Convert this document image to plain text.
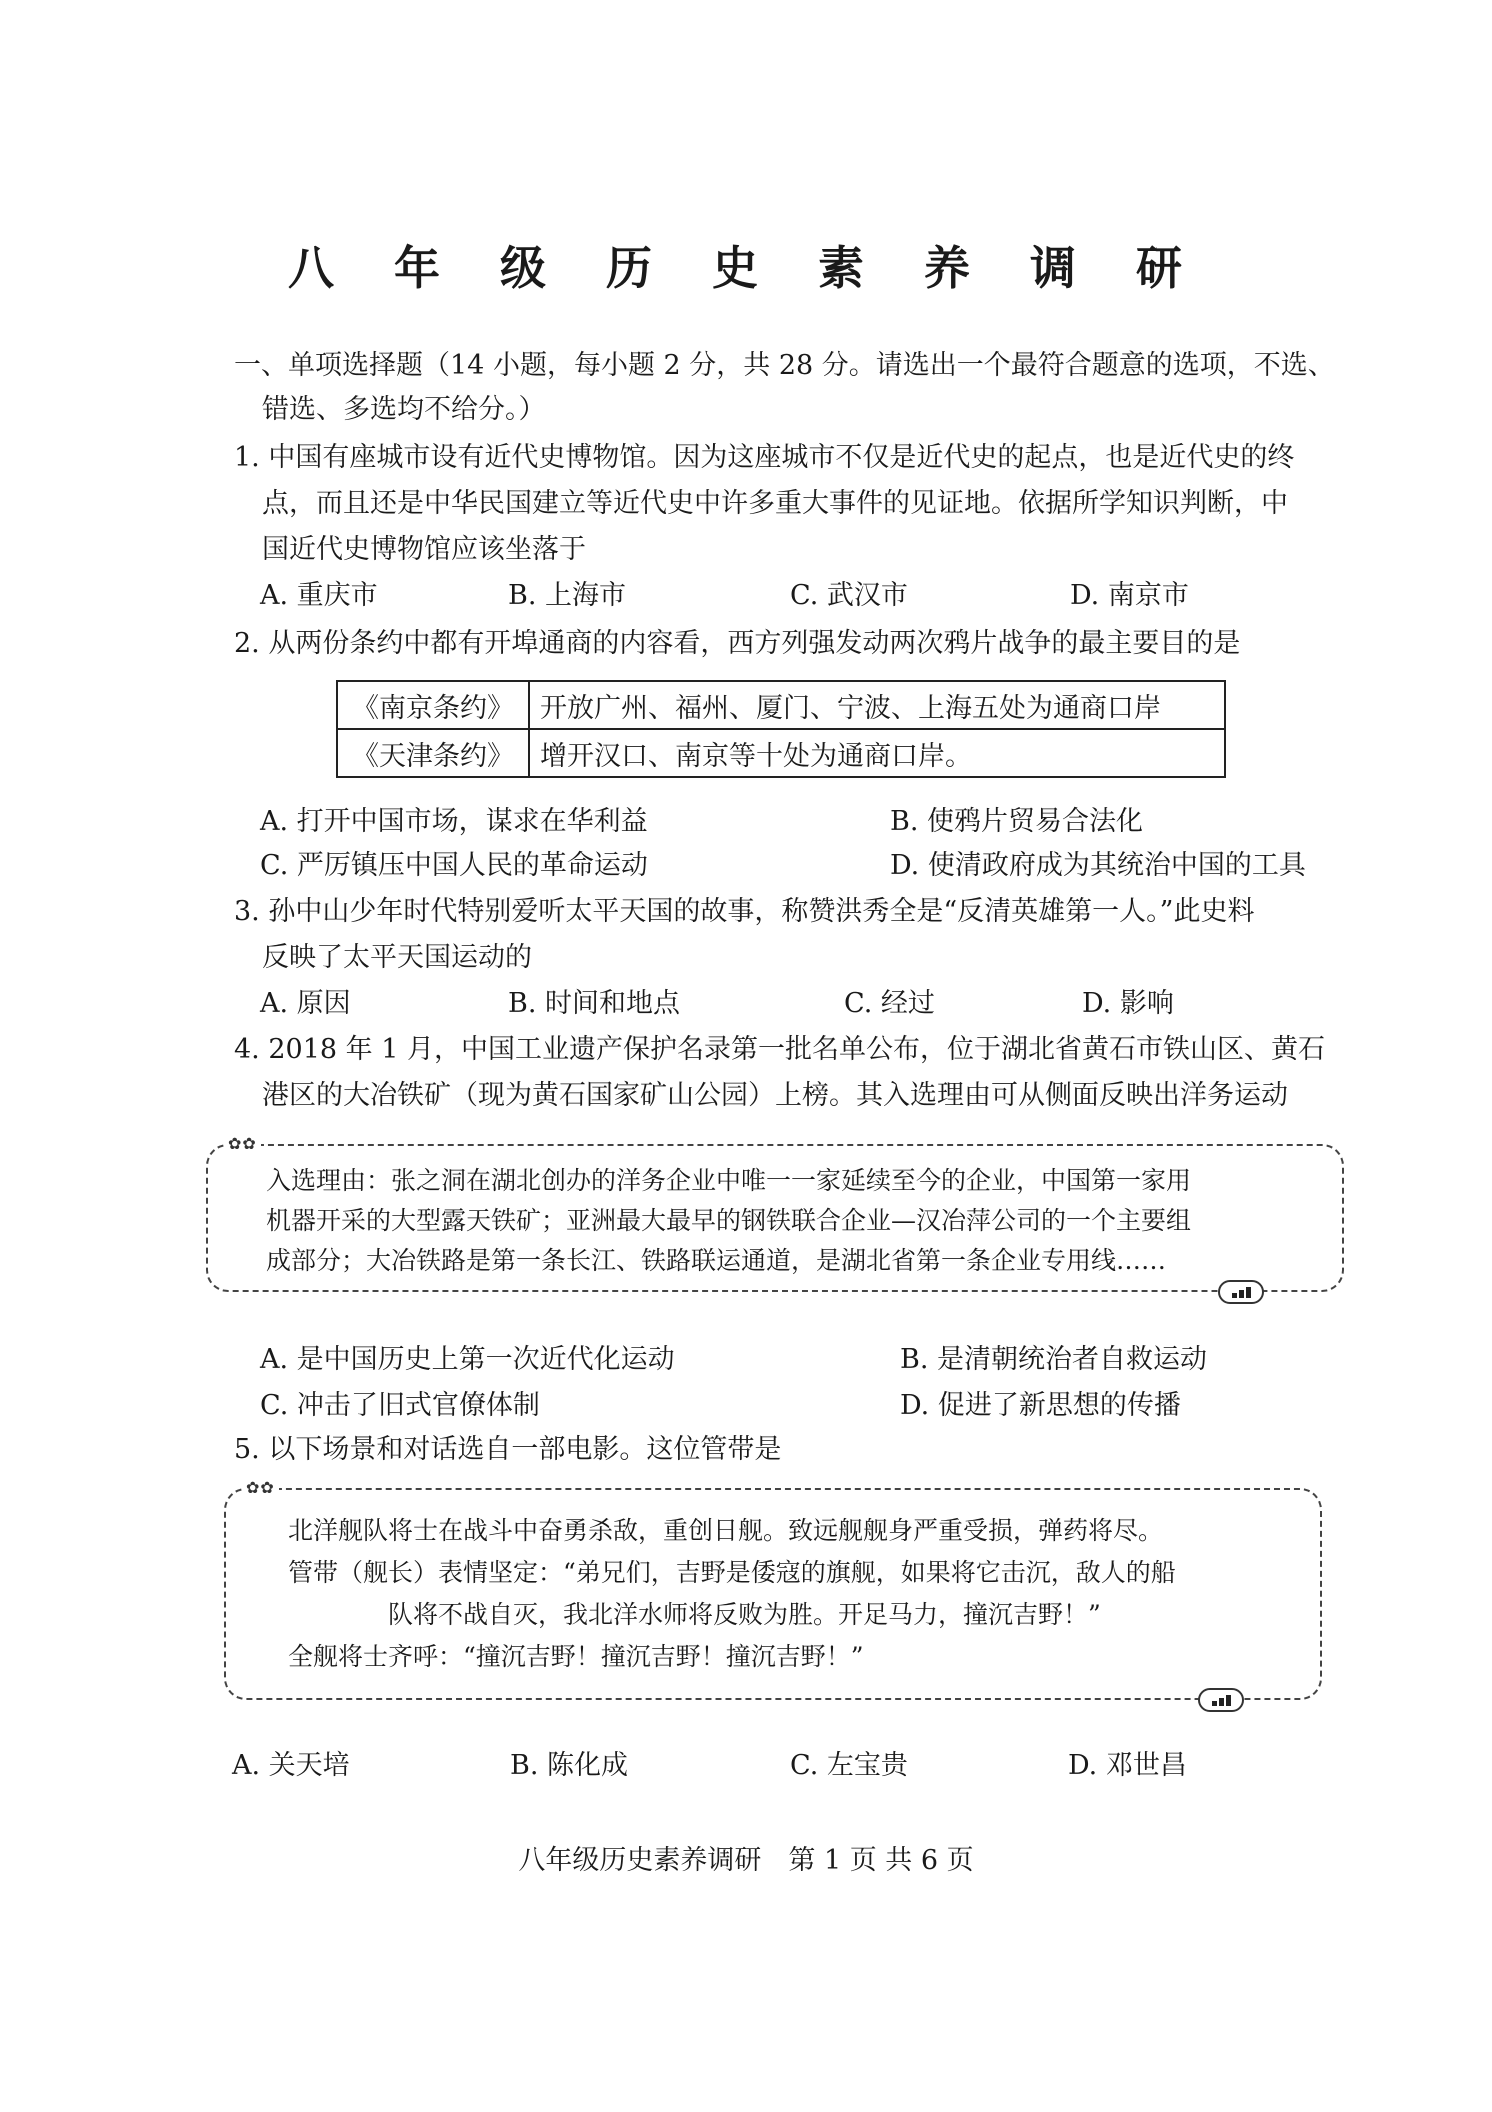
八 年 级 历 史 素 养 调 研
一、单项选择题（14 小题，每小题 2 分，共 28 分。请选出一个最符合题意的选项，不选、
错选、多选均不给分。）
1. 中国有座城市设有近代史博物馆。因为这座城市不仅是近代史的起点，也是近代史的终
点，而且还是中华民国建立等近代史中许多重大事件的见证地。依据所学知识判断，中
国近代史博物馆应该坐落于
A. 重庆市	B. 上海市	C. 武汉市	D. 南京市
2. 从两份条约中都有开埠通商的内容看，西方列强发动两次鸦片战争的最主要目的是
《南京条约》	开放广州、福州、厦门、宁波、上海五处为通商口岸
《天津条约》	增开汉口、南京等十处为通商口岸。
A. 打开中国市场，谋求在华利益	B. 使鸦片贸易合法化
C. 严厉镇压中国人民的革命运动	D. 使清政府成为其统治中国的工具
3. 孙中山少年时代特别爱听太平天国的故事，称赞洪秀全是“反清英雄第一人。”此史料
反映了太平天国运动的
A. 原因	B. 时间和地点	C. 经过	D. 影响
4. 2018 年 1 月，中国工业遗产保护名录第一批名单公布，位于湖北省黄石市铁山区、黄石
港区的大冶铁矿（现为黄石国家矿山公园）上榜。其入选理由可从侧面反映出洋务运动
✿✿
入选理由：张之洞在湖北创办的洋务企业中唯一一家延续至今的企业，中国第一家用
机器开采的大型露天铁矿；亚洲最大最早的钢铁联合企业—汉冶萍公司的一个主要组
成部分；大冶铁路是第一条长江、铁路联运通道，是湖北省第一条企业专用线……
A. 是中国历史上第一次近代化运动	B. 是清朝统治者自救运动
C. 冲击了旧式官僚体制	D. 促进了新思想的传播
5. 以下场景和对话选自一部电影。这位管带是
✿✿
北洋舰队将士在战斗中奋勇杀敌，重创日舰。致远舰舰身严重受损，弹药将尽。
管带（舰长）表情坚定：“弟兄们，吉野是倭寇的旗舰，如果将它击沉，敌人的船
队将不战自灭，我北洋水师将反败为胜。开足马力，撞沉吉野！”
全舰将士齐呼：“撞沉吉野！撞沉吉野！撞沉吉野！”
A. 关天培	B. 陈化成	C. 左宝贵	D. 邓世昌
八年级历史素养调研　第 1 页 共 6 页
